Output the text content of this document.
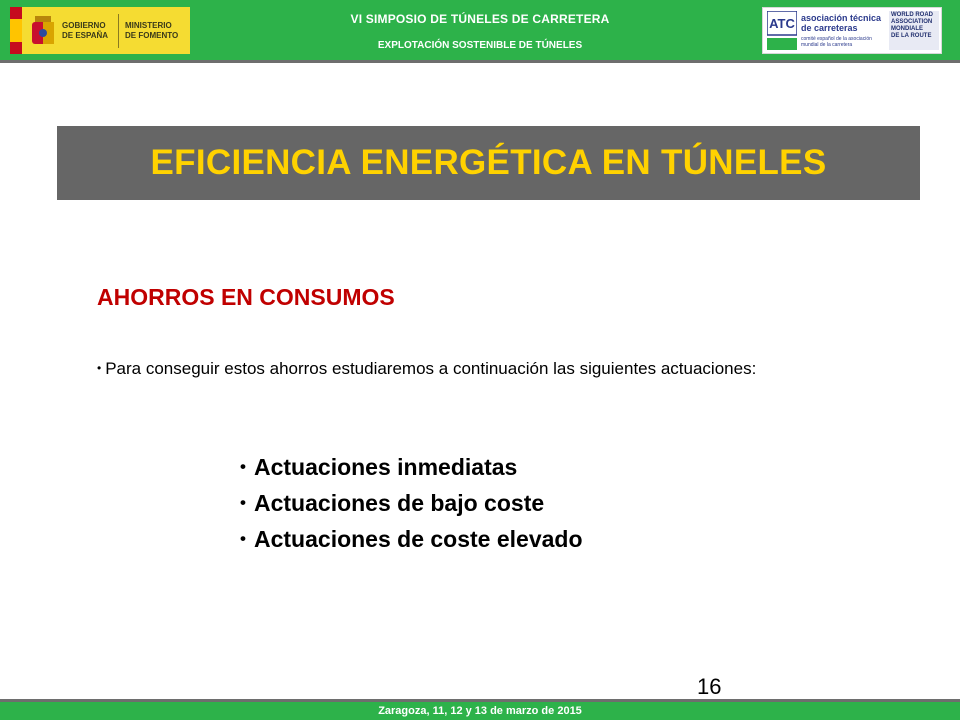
GOBIERNO
DE ESPAÑA
MINISTERIO
DE FOMENTO
VI SIMPOSIO DE TÚNELES DE CARRETERA
EXPLOTACIÓN SOSTENIBLE DE TÚNELES
ATC asociación técnica
de carreteras
comité español de la asociación mundial de la carretera
WORLD ROAD
ASSOCIATION
MONDIALE
DE LA ROUTE
EFICIENCIA ENERGÉTICA EN TÚNELES
AHORROS EN CONSUMOS
• Para conseguir estos ahorros estudiaremos a continuación las siguientes actuaciones:
• Actuaciones inmediatas
• Actuaciones de bajo coste
• Actuaciones de coste elevado
16
Zaragoza, 11, 12 y 13 de marzo de 2015
